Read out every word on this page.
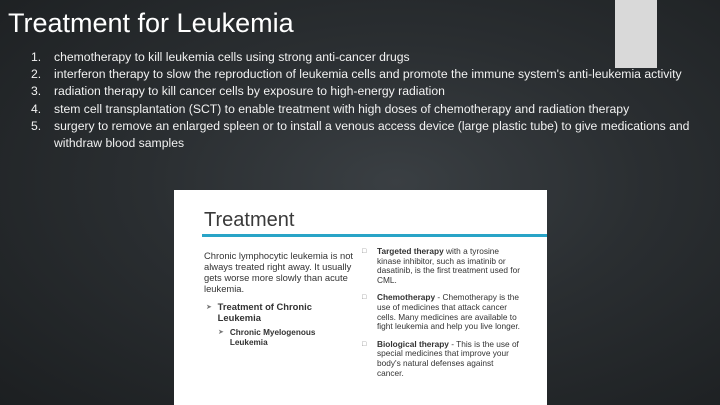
Treatment for Leukemia
1.	chemotherapy to kill leukemia cells using strong anti-cancer drugs
2.	interferon therapy to slow the reproduction of leukemia cells and promote the immune system's anti-leukemia activity
3.	radiation therapy to kill cancer cells by exposure to high-energy radiation
4.	stem cell transplantation (SCT) to enable treatment with high doses of chemotherapy and radiation therapy
5.	surgery to remove an enlarged spleen or to install a venous access device (large plastic tube) to give medications and withdraw blood samples
Treatment
Chronic lymphocytic leukemia is not always treated right away. It usually gets worse more slowly than acute leukemia.
➤ Treatment of Chronic Leukemia
➤ Chronic Myelogenous Leukemia
□	Targeted therapy with a tyrosine kinase inhibitor, such as imatinib or dasatinib, is the first treatment used for CML.
□	Chemotherapy - Chemotherapy is the use of medicines that attack cancer cells. Many medicines are available to fight leukemia and help you live longer.
□	Biological therapy - This is the use of special medicines that improve your body's natural defenses against cancer.
